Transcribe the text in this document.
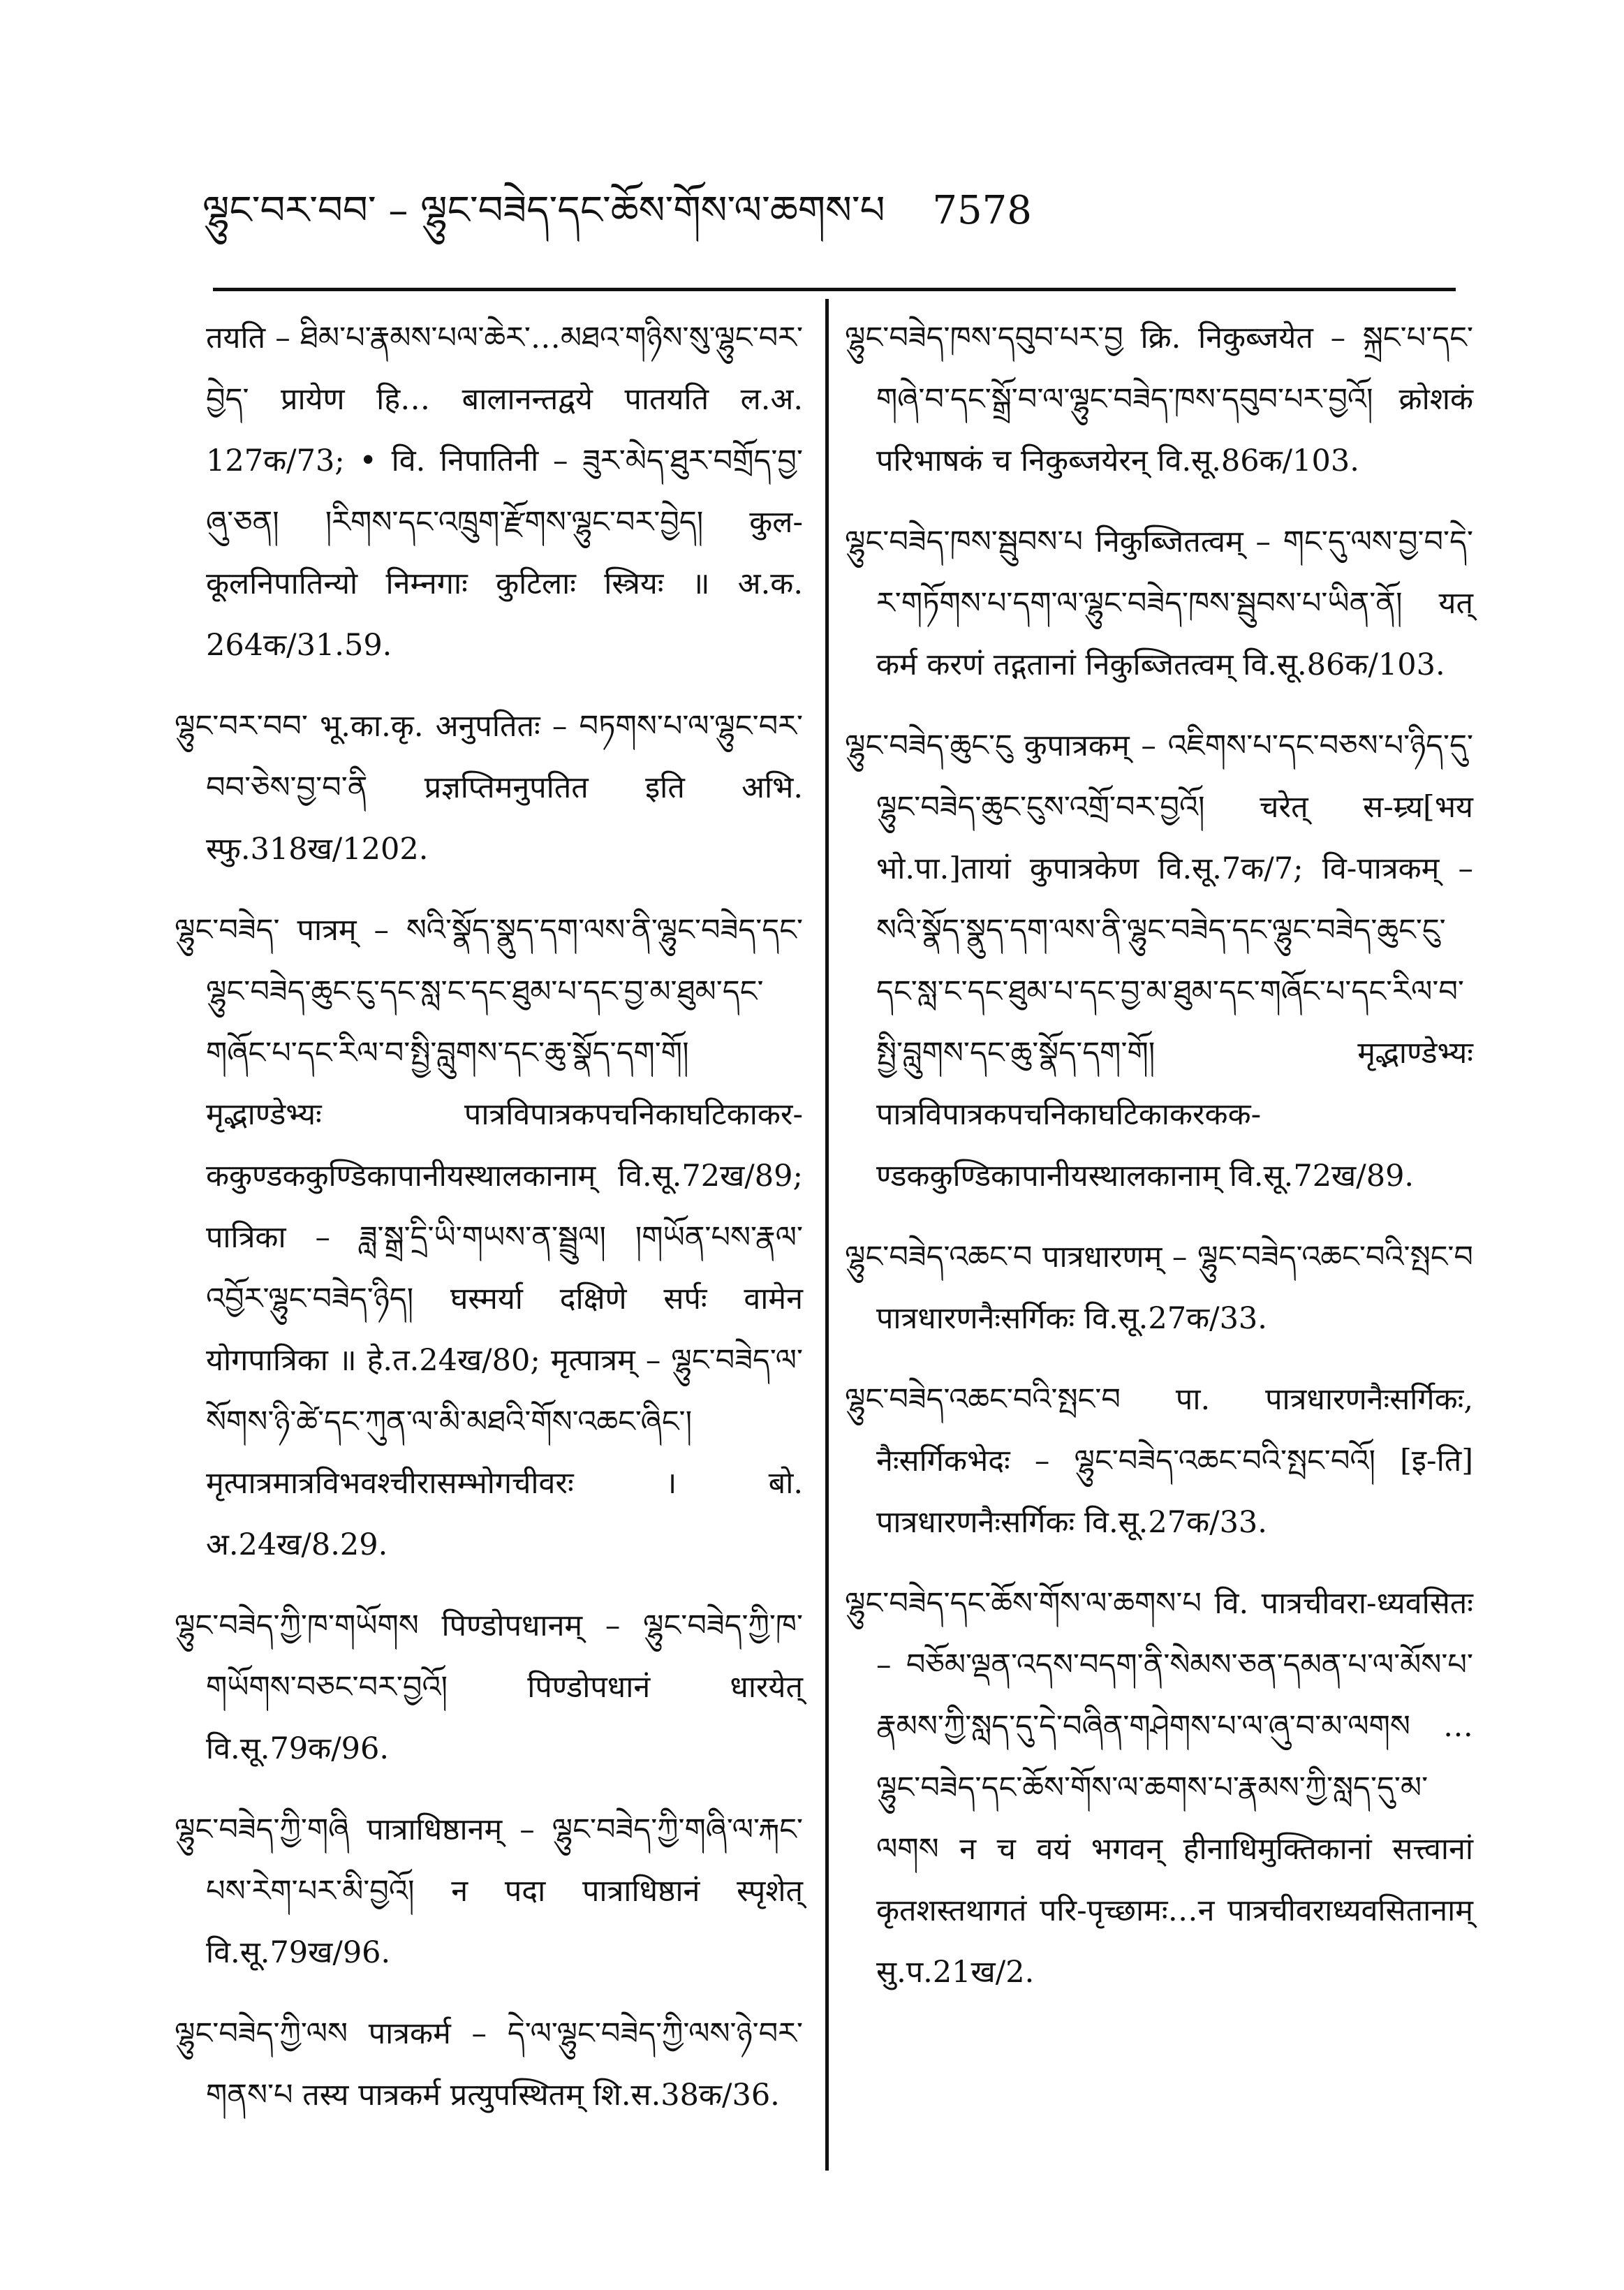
ལྷུང་བར་བབ་ – ལྷུང་བཟེད་དང་ཆོས་གོས་ལ་ཆགས་པ 7578
तयति – ཐིམ་པ་རྣམས་པལ་ཆེར་…མཐའ་གཉིས་སུ་ལྷུང་བར་བྱེད་ प्रायेण हि… बालानन्तद्वये पातयति ल.अ. 127क/73; • वि. निपातिनी – ཟུར་མེད་ཐུར་བགྲོད་བྱ་ཞུ་ཅན། །རིགས་དང་འཁྲུག་རྫོགས་ལྷུང་བར་བྱེད། कुल-कूलनिपातिन्यो निम्नगाः कुटिलाः स्त्रियः ॥ अ.क. 264क/31.59.
ལྷུང་བར་བབ་ भू.का.कृ. अनुपतितः – བཏགས་པ་ལ་ལྷུང་བར་བབ་ཅེས་བྱ་བ་ནི प्रज्ञप्तिमनुपतित इति अभि. स्फु.318ख/1202.
ལྷུང་བཟེད་ पात्रम् – སའི་སྣོད་སྣུད་དག་ལས་ནི་ལྷུང་བཟེད་དང་ལྷུང་བཟེད་ཆུང་ངུ་དང་སླ་ང་དང་ཐུམ་པ་དང་བྱ་མ་ཐུམ་དང་གཞོང་པ་དང་རིལ་བ་སྤྱི་བླུགས་དང་ཆུ་སྣོད་དག་གོ། मृद्भाण्डेभ्यः पात्रविपात्रकपचनिकाघटिकाकर-ककुण्डककुण्डिकापानीयस्थालकानाम् वि.सू.72ख/89; पात्रिका – ཟླ་སྒྲ་དྲི་ཡི་གཡས་ན་སྦྲུལ། །གཡོན་པས་རྣལ་འབྱོར་ལྷུང་བཟེད་ཉིད། घस्मर्या दक्षिणे सर्पः वामेन योगपात्रिका ॥ हे.त.24ख/80; मृत्पात्रम् – ལྷུང་བཟེད་ལ་སོགས་ཉི་ཚེ་དང་ཀུན་ལ་མི་མཐའི་གོས་འཆང་ཞིང་། मृत्पात्रमात्रविभवश्चीरासम्भोगचीवरः । बो. अ.24ख/8.29.
ལྷུང་བཟེད་ཀྱི་ཁ་གཡོགས पिण्डोपधानम् – ལྷུང་བཟེད་ཀྱི་ཁ་གཡོགས་བཅང་བར་བྱའོ། पिण्डोपधानं धारयेत् वि.सू.79क/96.
ལྷུང་བཟེད་ཀྱི་གཞི पात्राधिष्ठानम् – ལྷུང་བཟེད་ཀྱི་གཞི་ལ་རྐང་པས་རེག་པར་མི་བྱའོ། न पदा पात्राधिष्ठानं स्पृशेत् वि.सू.79ख/96.
ལྷུང་བཟེད་ཀྱི་ལས पात्रकर्म – དེ་ལ་ལྷུང་བཟེད་ཀྱི་ལས་ཉེ་བར་གནས་པ तस्य पात्रकर्म प्रत्युपस्थितम् शि.स.38क/36.
ལྷུང་བཟེད་ཁས་དབུབ་པར་བྱ क्रि. निकुब्जयेत – སྐྲང་པ་དང་གཞེ་བ་དང་སྒྲོ་བ་ལ་ལྷུང་བཟེད་ཁས་དབུབ་པར་བྱའོ། क्रोशकं परिभाषकं च निकुब्जयेरन् वि.सू.86क/103.
ལྷུང་བཟེད་ཁས་སྦུབས་པ निकुब्जितत्वम् – གང་དུ་ལས་བྱ་བ་དེ་ར་གཏོགས་པ་དག་ལ་ལྷུང་བཟེད་ཁས་སྦུབས་པ་ཡིན་ནོ། यत् कर्म करणं तद्गतानां निकुब्जितत्वम् वि.सू.86क/103.
ལྷུང་བཟེད་ཆུང་ངུ कुपात्रकम् – འཇིགས་པ་དང་བཅས་པ་ཉིད་དུ་ལྷུང་བཟེད་ཆུང་ངུས་འགྲོ་བར་བྱའོ། चरेत् स-म्र्य[भय भो.पा.]तायां कुपात्रकेण वि.सू.7क/7; वि-पात्रकम् – སའི་སྣོད་སྣུད་དག་ལས་ནི་ལྷུང་བཟེད་དང་ལྷུང་བཟེད་ཆུང་ངུ་དང་སླ་ང་དང་ཐུམ་པ་དང་བྱ་མ་ཐུམ་དང་གཞོང་པ་དང་རིལ་བ་སྤྱི་བླུགས་དང་ཆུ་སྣོད་དག་གོ། मृद्भाण्डेभ्यः पात्रविपात्रकपचनिकाघटिकाकरकक-ण्डककुण्डिकापानीयस्थालकानाम् वि.सू.72ख/89.
ལྷུང་བཟེད་འཆང་བ पात्रधारणम् – ལྷུང་བཟེད་འཆང་བའི་སྤང་བ पात्रधारणनैःसर्गिकः वि.सू.27क/33.
ལྷུང་བཟེད་འཆང་བའི་སྤང་བ पा. पात्रधारणनैःसर्गिकः, नैःसर्गिकभेदः – ལྷུང་བཟེད་འཆང་བའི་སྤང་བའོ། [इ-ति] पात्रधारणनैःसर्गिकः वि.सू.27क/33.
ལྷུང་བཟེད་དང་ཆོས་གོས་ལ་ཆགས་པ वि. पात्रचीवरा-ध्यवसितः – བཅོམ་ལྡན་འདས་བདག་ནི་སེམས་ཅན་དམན་པ་ལ་མོས་པ་རྣམས་ཀྱི་སླད་དུ་དེ་བཞིན་གཤེགས་པ་ལ་ཞུ་བ་མ་ལགས … ལྷུང་བཟེད་དང་ཆོས་གོས་ལ་ཆགས་པ་རྣམས་ཀྱི་སླད་དུ་མ་ལགས न च वयं भगवन् हीनाधिमुक्तिकानां सत्त्वानां कृतशस्तथागतं परि-पृच्छामः…न पात्रचीवराध्यवसितानाम् सु.प.21ख/2.
